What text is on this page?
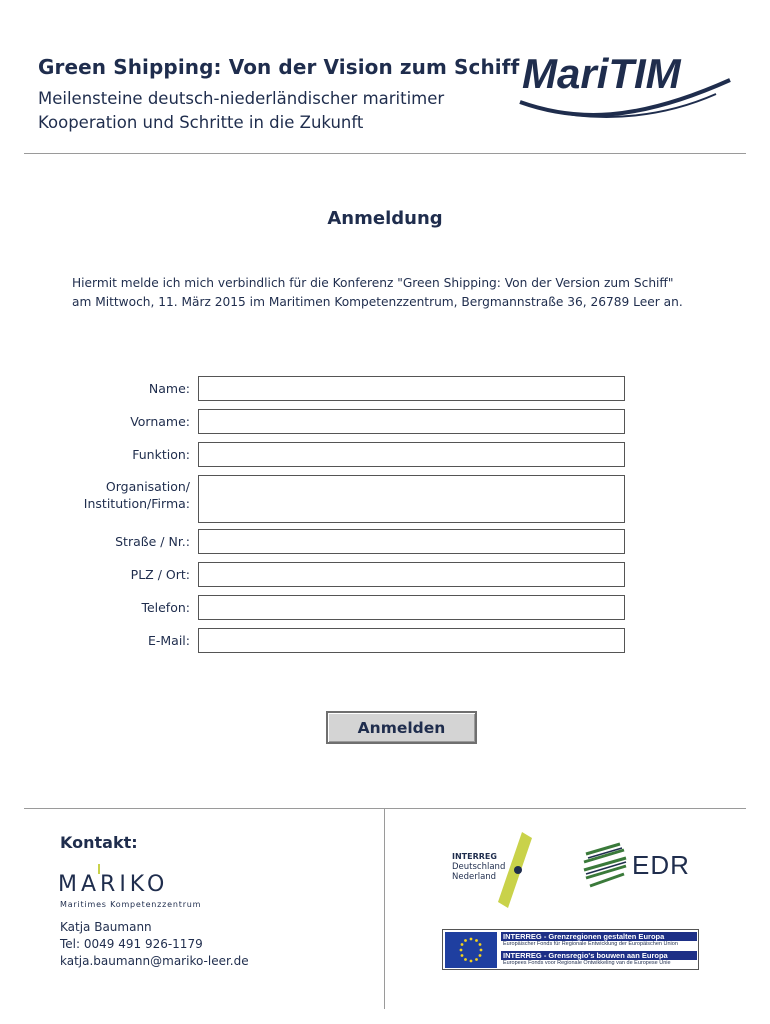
Green Shipping: Von der Vision zum Schiff
Meilensteine deutsch-niederländischer maritimer
Kooperation und Schritte in die Zukunft
MariTIM
Anmeldung
Hiermit melde ich mich verbindlich für die Konferenz "Green Shipping: Von der Version zum Schiff"
am Mittwoch, 11. März 2015 im Maritimen Kompetenzzentrum, Bergmannstraße 36, 26789 Leer an.
Name:
Vorname:
Funktion:
Organisation/
Institution/Firma:
Straße / Nr.:
PLZ / Ort:
Telefon:
E-Mail:
Anmelden
Kontakt:
MARIKO
Maritimes Kompetenzzentrum
Katja Baumann
Tel: 0049 491 926-1179
katja.baumann@mariko-leer.de
INTERREG
Deutschland
Nederland	EDR
INTERREG - Grenzregionen gestalten Europa
Europäischer Fonds für Regionale Entwicklung der Europäischen Union
INTERREG - Grensregio's bouwen aan Europa
Europees Fonds voor Regionale Ontwikkeling van de Europese Unie
